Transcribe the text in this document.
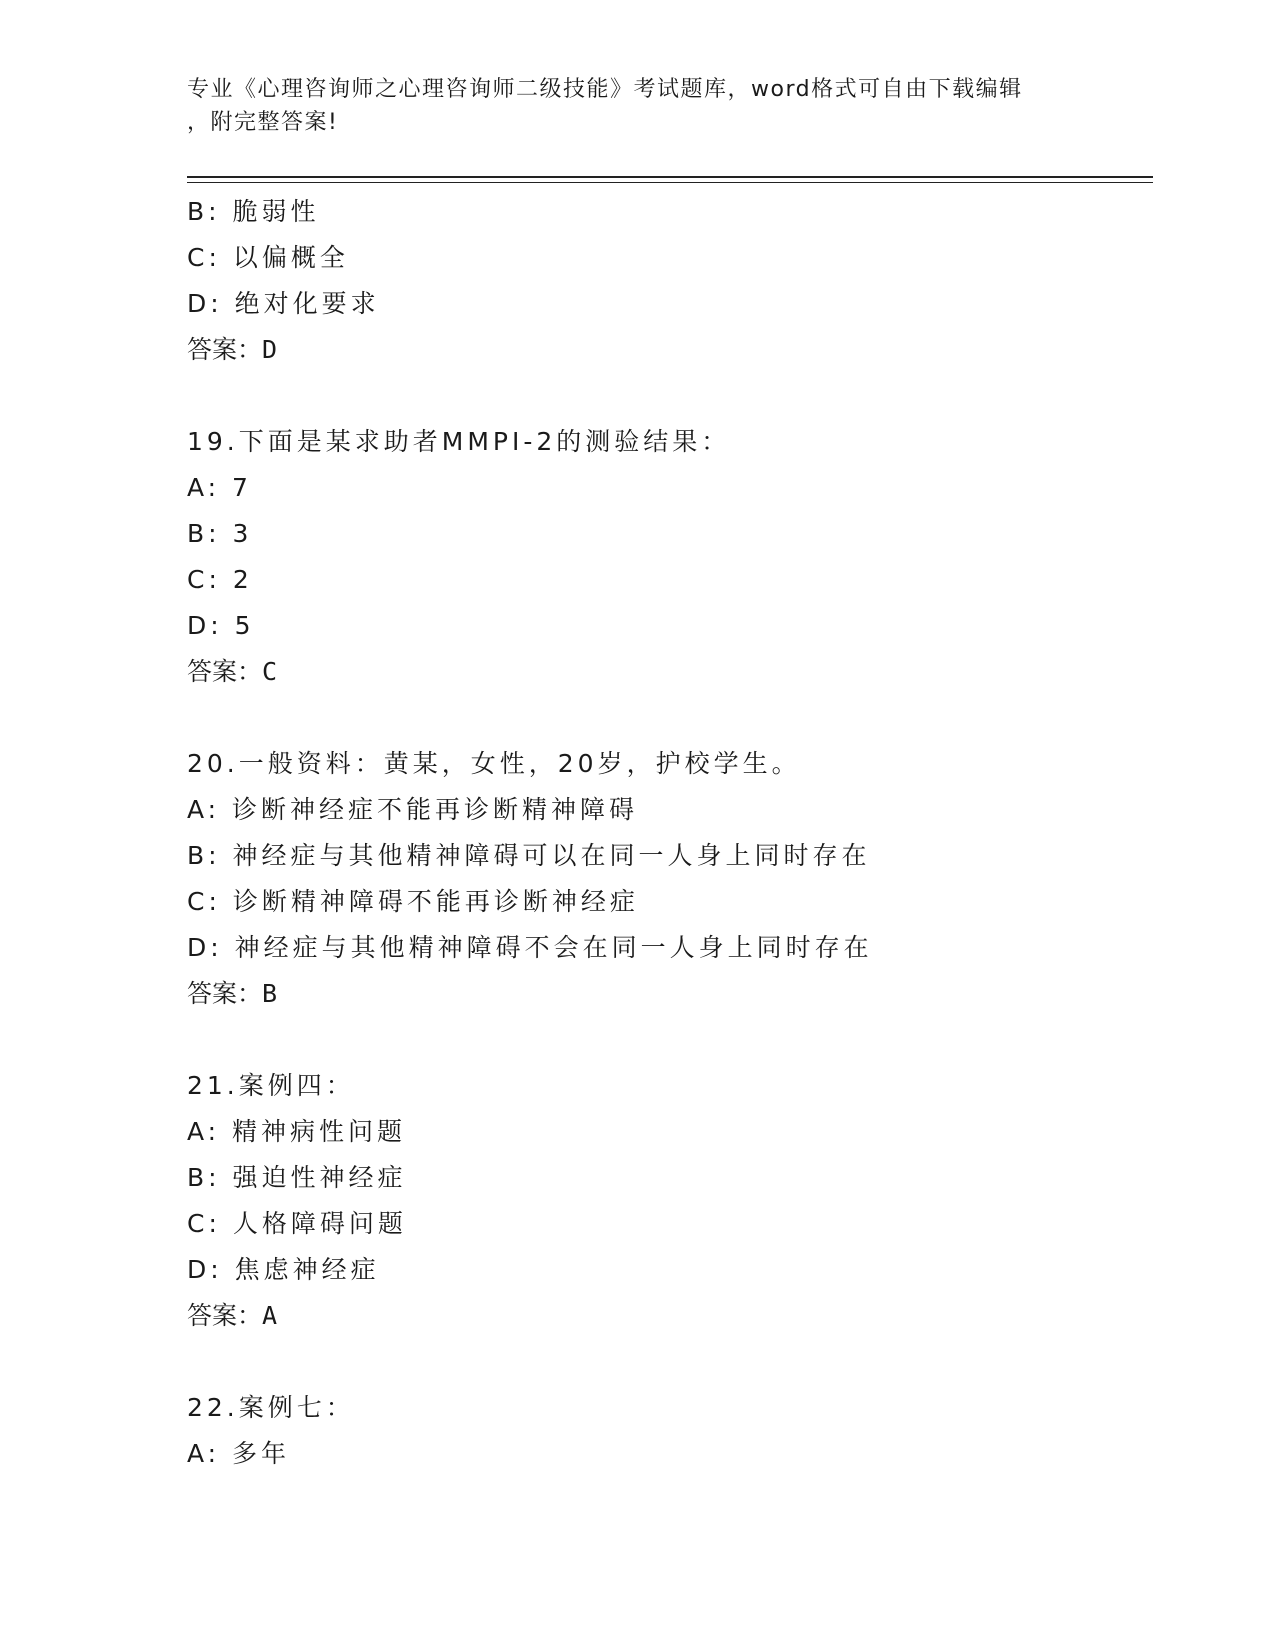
专业《心理咨询师之心理咨询师二级技能》考试题库，word格式可自由下载编辑
，附完整答案!
B: 脆弱性
C: 以偏概全
D: 绝对化要求
答案：D
19.下面是某求助者MMPI-2的测验结果：
A: 7
B: 3
C: 2
D: 5
答案：C
20.一般资料：黄某，女性，20岁，护校学生。
A: 诊断神经症不能再诊断精神障碍
B: 神经症与其他精神障碍可以在同一人身上同时存在
C: 诊断精神障碍不能再诊断神经症
D: 神经症与其他精神障碍不会在同一人身上同时存在
答案：B
21.案例四：
A: 精神病性问题
B: 强迫性神经症
C: 人格障碍问题
D: 焦虑神经症
答案：A
22.案例七：
A: 多年
